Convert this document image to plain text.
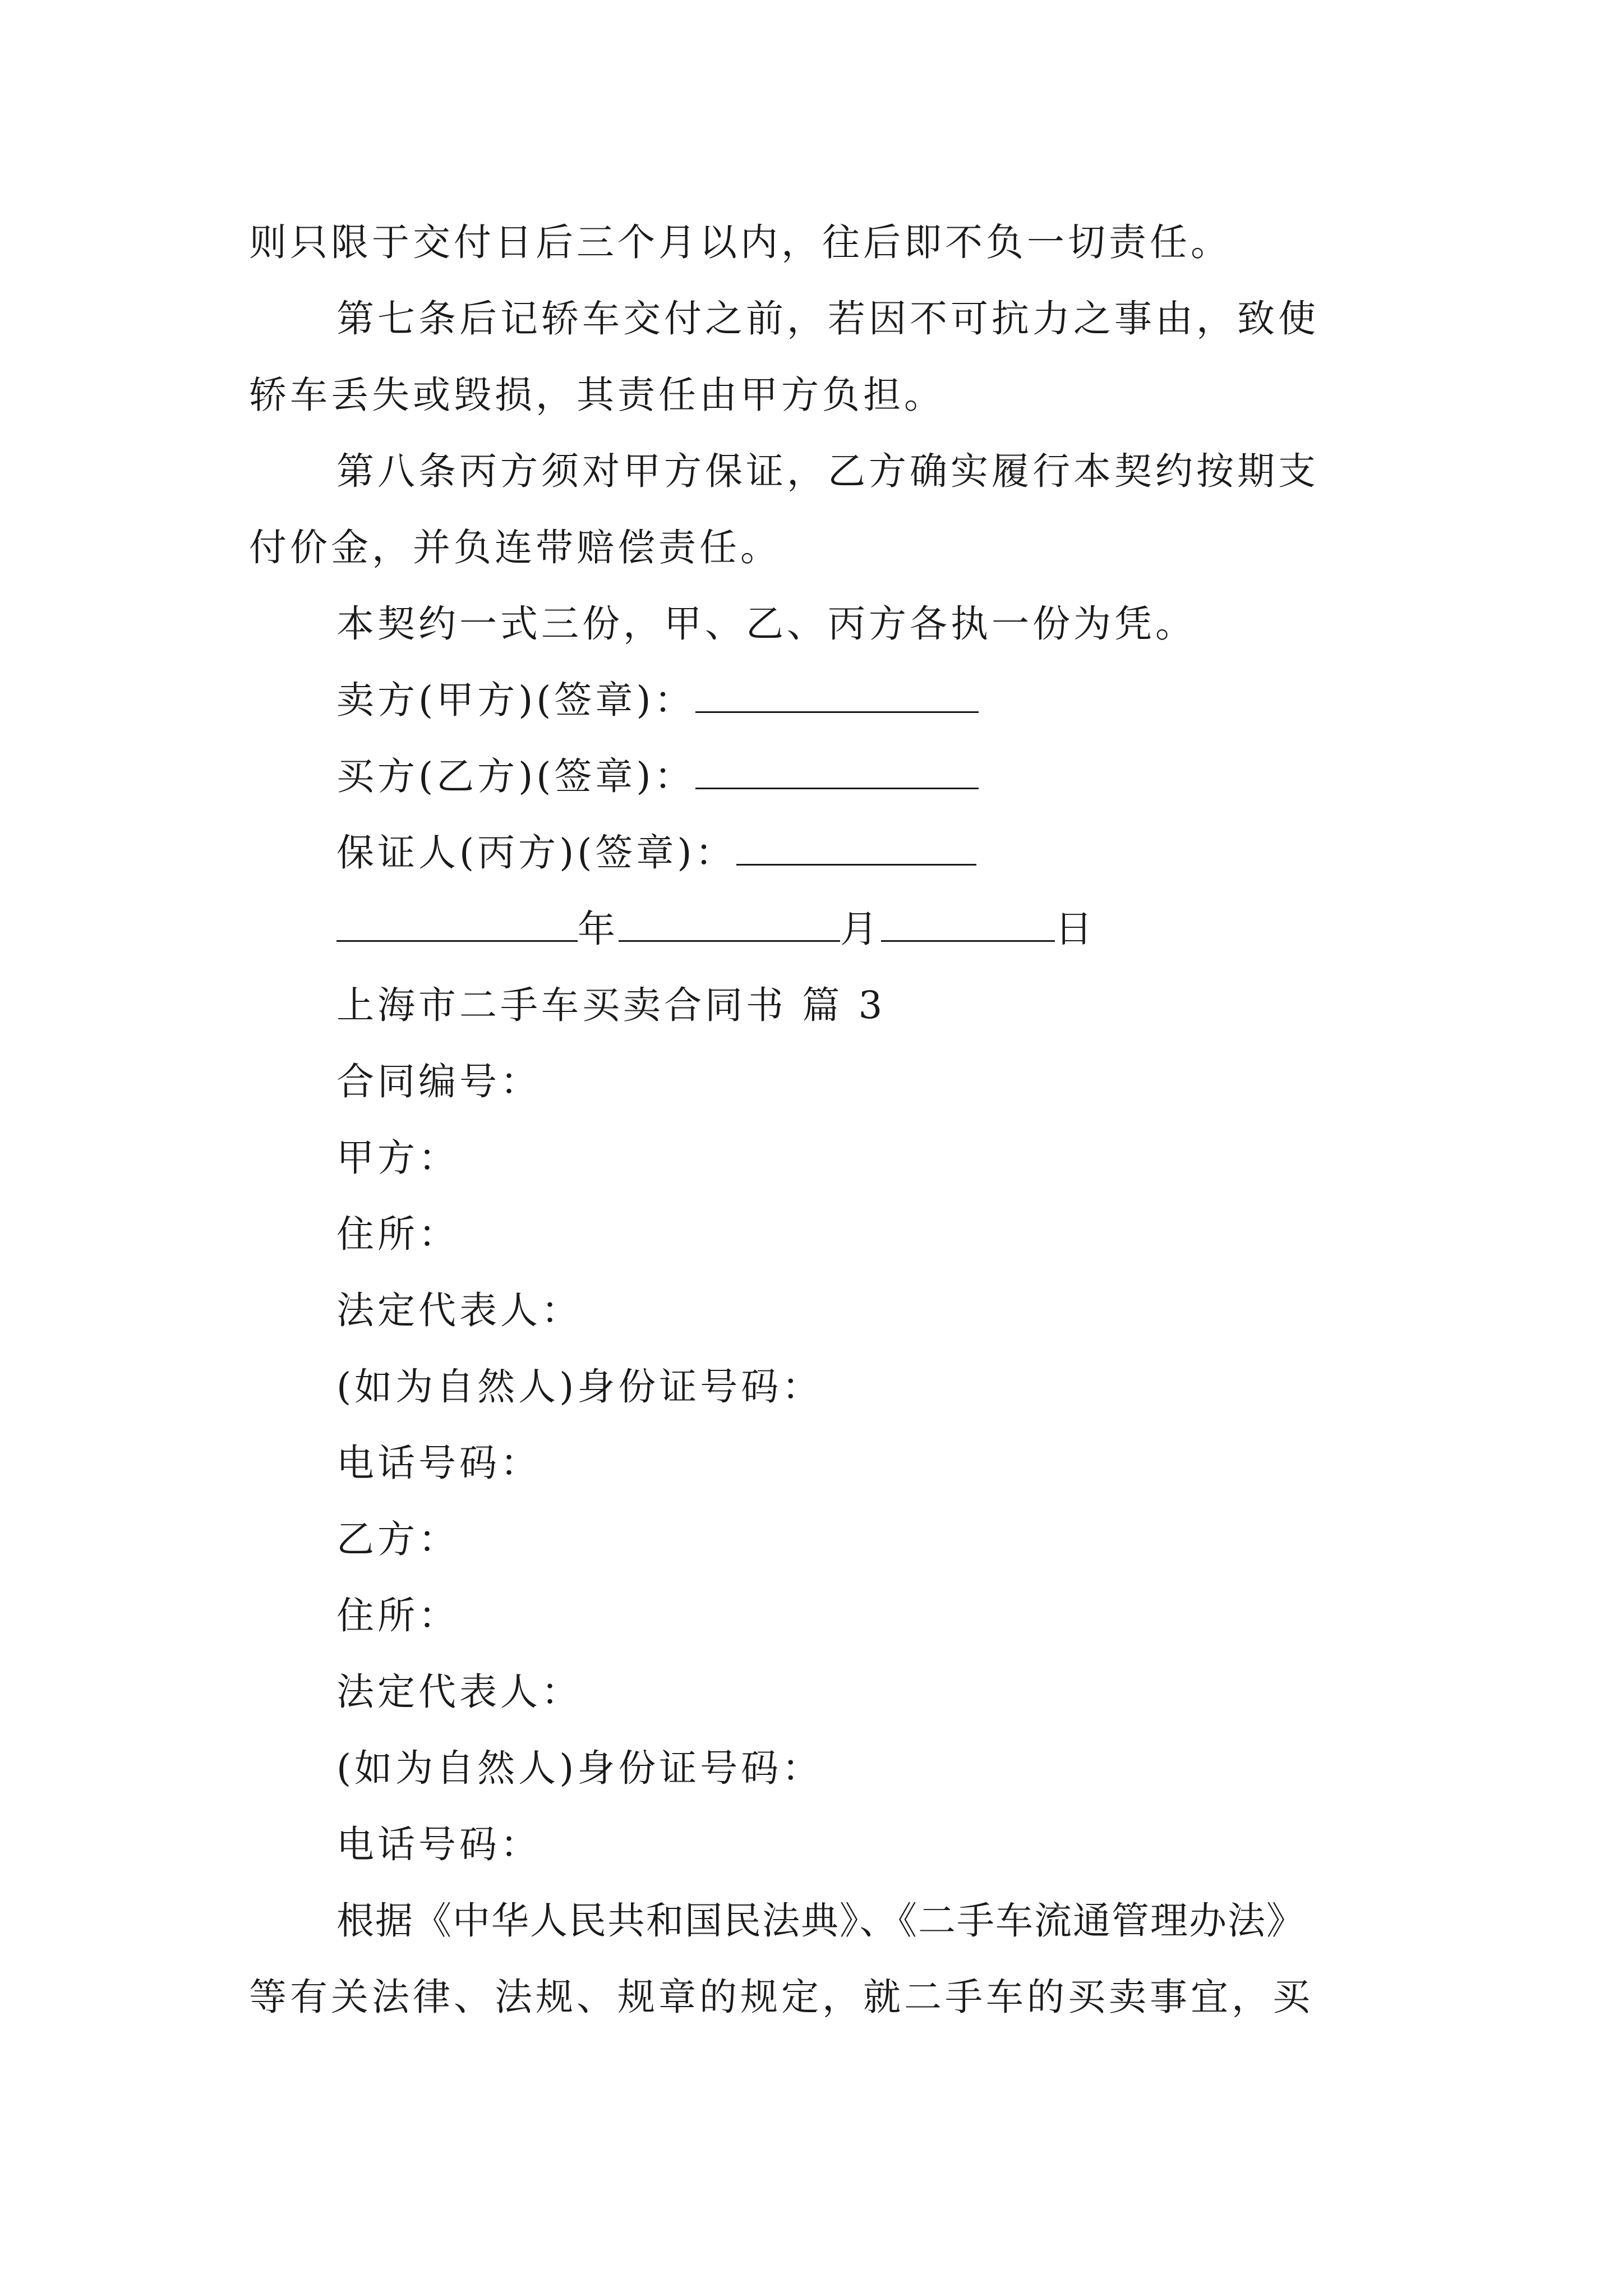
则只限于交付日后三个月以内，往后即不负一切责任。
第七条后记轿车交付之前，若因不可抗力之事由，致使
轿车丢失或毁损，其责任由甲方负担。
第八条丙方须对甲方保证，乙方确实履行本契约按期支
付价金，并负连带赔偿责任。
本契约一式三份，甲、乙、丙方各执一份为凭。
卖方(甲方)(签章)：
买方(乙方)(签章)：
保证人(丙方)(签章)：
年	月	日
上海市二手车买卖合同书 篇 3
合同编号：
甲方：
住所：
法定代表人：
(如为自然人)身份证号码：
电话号码：
乙方：
住所：
法定代表人：
(如为自然人)身份证号码：
电话号码：
根据《中华人民共和国民法典》、《二手车流通管理办法》
等有关法律、法规、规章的规定，就二手车的买卖事宜，买
